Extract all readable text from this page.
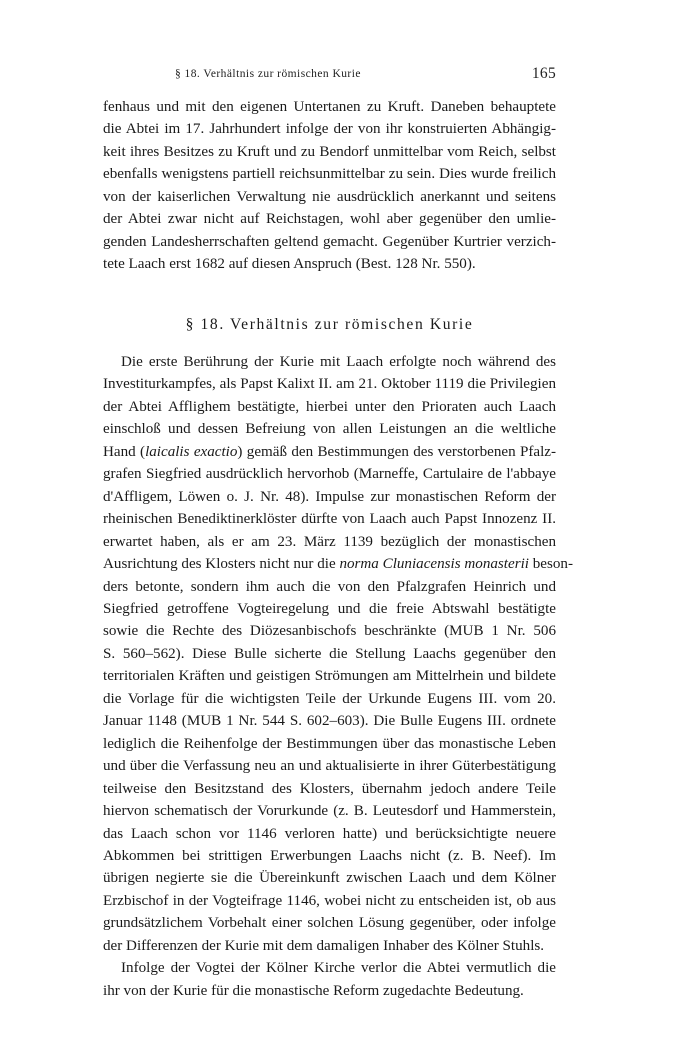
§ 18. Verhältnis zur römischen Kurie	165

fenhaus und mit den eigenen Untertanen zu Kruft. Daneben behauptete
die Abtei im 17. Jahrhundert infolge der von ihr konstruierten Abhängig-
keit ihres Besitzes zu Kruft und zu Bendorf unmittelbar vom Reich, selbst
ebenfalls wenigstens partiell reichsunmittelbar zu sein. Dies wurde freilich
von der kaiserlichen Verwaltung nie ausdrücklich anerkannt und seitens
der Abtei zwar nicht auf Reichstagen, wohl aber gegenüber den umlie-
genden Landesherrschaften geltend gemacht. Gegenüber Kurtrier verzich-
tete Laach erst 1682 auf diesen Anspruch (Best. 128 Nr. 550).

§ 18. Verhältnis zur römischen Kurie

Die erste Berührung der Kurie mit Laach erfolgte noch während des
Investiturkampfes, als Papst Kalixt II. am 21. Oktober 1119 die Privilegien
der Abtei Afflighem bestätigte, hierbei unter den Prioraten auch Laach
einschloß und dessen Befreiung von allen Leistungen an die weltliche
Hand (laicalis exactio) gemäß den Bestimmungen des verstorbenen Pfalz-
grafen Siegfried ausdrücklich hervorhob (Marneffe, Cartulaire de l'abbaye
d'Affligem, Löwen o. J. Nr. 48). Impulse zur monastischen Reform der
rheinischen Benediktinerklöster dürfte von Laach auch Papst Innozenz II.
erwartet haben, als er am 23. März 1139 bezüglich der monastischen
Ausrichtung des Klosters nicht nur die norma Cluniacensis monasterii beson-
ders betonte, sondern ihm auch die von den Pfalzgrafen Heinrich und
Siegfried getroffene Vogteiregelung und die freie Abtswahl bestätigte
sowie die Rechte des Diözesanbischofs beschränkte (MUB 1 Nr. 506
S. 560–562). Diese Bulle sicherte die Stellung Laachs gegenüber den
territorialen Kräften und geistigen Strömungen am Mittelrhein und bildete
die Vorlage für die wichtigsten Teile der Urkunde Eugens III. vom 20.
Januar 1148 (MUB 1 Nr. 544 S. 602–603). Die Bulle Eugens III. ordnete
lediglich die Reihenfolge der Bestimmungen über das monastische Leben
und über die Verfassung neu an und aktualisierte in ihrer Güterbestätigung
teilweise den Besitzstand des Klosters, übernahm jedoch andere Teile
hiervon schematisch der Vorurkunde (z. B. Leutesdorf und Hammerstein,
das Laach schon vor 1146 verloren hatte) und berücksichtigte neuere
Abkommen bei strittigen Erwerbungen Laachs nicht (z. B. Neef). Im
übrigen negierte sie die Übereinkunft zwischen Laach und dem Kölner
Erzbischof in der Vogteifrage 1146, wobei nicht zu entscheiden ist, ob aus
grundsätzlichem Vorbehalt einer solchen Lösung gegenüber, oder infolge
der Differenzen der Kurie mit dem damaligen Inhaber des Kölner Stuhls.

Infolge der Vogtei der Kölner Kirche verlor die Abtei vermutlich die
ihr von der Kurie für die monastische Reform zugedachte Bedeutung.
